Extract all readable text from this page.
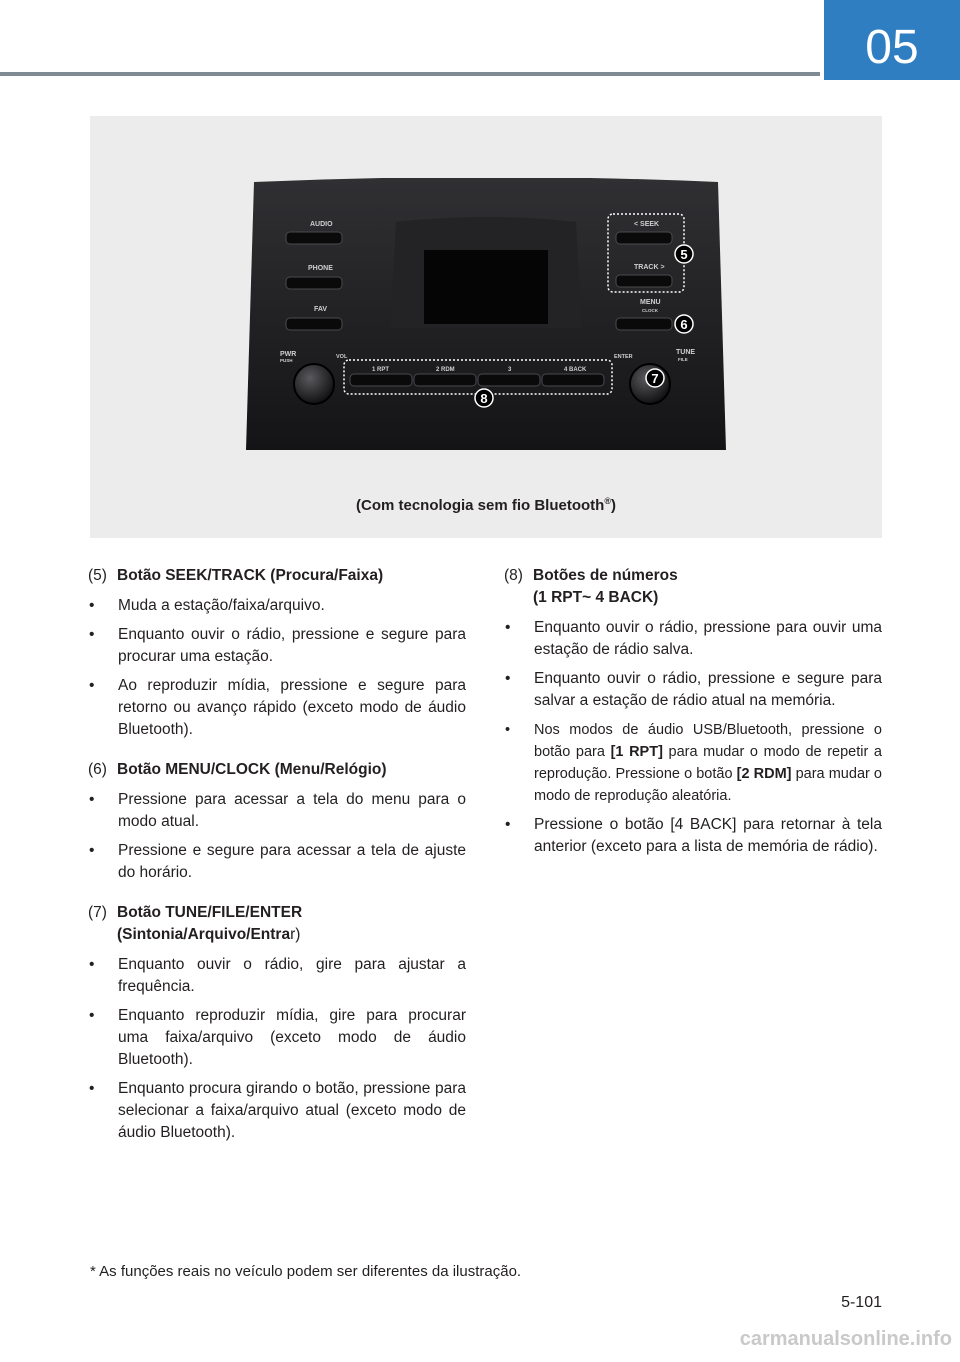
05
AUDIO
PHONE
FAV
< SEEK
TRACK >
MENU
CLOCK
PWR
PUSH
VOL	ENTER
TUNE
FILE
1 RPT	2 RDM	3	4 BACK
5
6
7
8
(Com tecnologia sem fio Bluetooth®)
(5) Botão SEEK/TRACK (Procura/Faixa)
•	Muda a estação/faixa/arquivo.
•	Enquanto ouvir o rádio, pressione e segure para procurar uma estação.
•	Ao reproduzir mídia, pressione e segure para retorno ou avanço rápido (exceto modo de áudio Bluetooth).
(6) Botão MENU/CLOCK (Menu/Relógio)
•	Pressione para acessar a tela do menu para o modo atual.
•	Pressione e segure para acessar a tela de ajuste do horário.
(7) Botão TUNE/FILE/ENTER (Sintonia/Arquivo/Entrar)
•	Enquanto ouvir o rádio, gire para ajustar a frequência.
•	Enquanto reproduzir mídia, gire para procurar uma faixa/arquivo (exceto modo de áudio Bluetooth).
•	Enquanto procura girando o botão, pressione para selecionar a faixa/arquivo atual (exceto modo de áudio Bluetooth).
(8) Botões de números
(1 RPT~ 4 BACK)
•	Enquanto ouvir o rádio, pressione para ouvir uma estação de rádio salva.
•	Enquanto ouvir o rádio, pressione e segure para salvar a estação de rádio atual na memória.
•	Nos modos de áudio USB/Bluetooth, pressione o botão para [1 RPT] para mudar o modo de repetir a reprodução. Pressione o botão [2 RDM] para mudar o modo de reprodução aleatória.
•	Pressione o botão [4 BACK] para retornar à tela anterior (exceto para a lista de memória de rádio).
* As funções reais no veículo podem ser diferentes da ilustração.
5-101
carmanualsonline.info
